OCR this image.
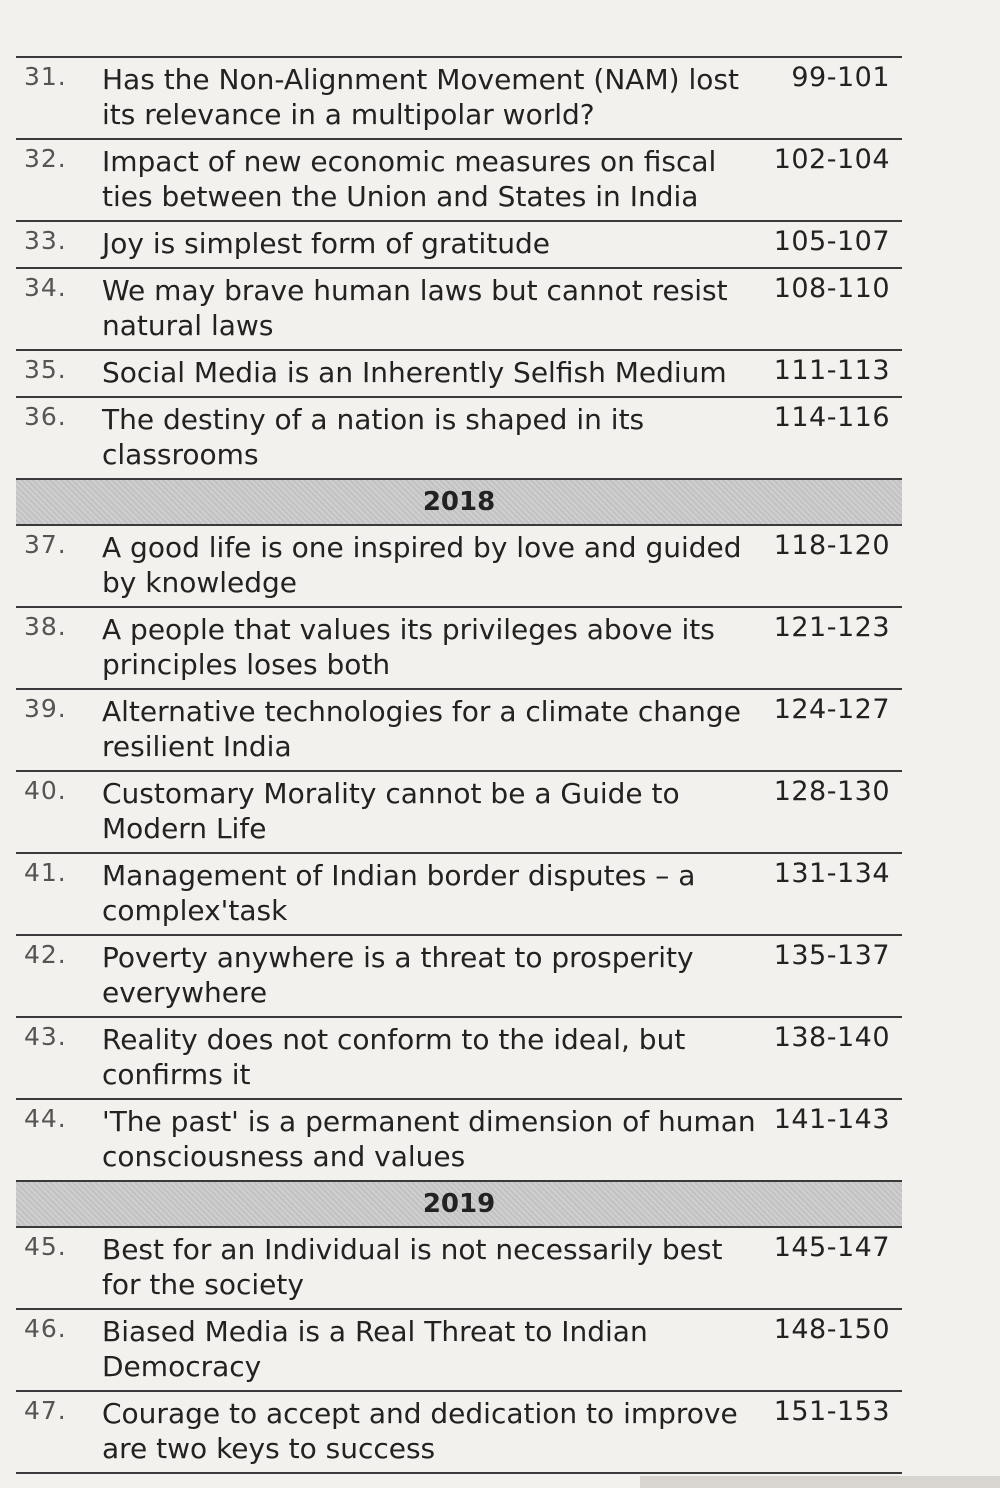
31. Has the Non-Alignment Movement (NAM) lost its relevance in a multipolar world?
99-101
32. Impact of new economic measures on fiscal ties between the Union and States in India
102-104
33. Joy is simplest form of gratitude	105-107
34. We may brave human laws but cannot resist natural laws
108-110
35. Social Media is an Inherently Selfish Medium	111-113
36. The destiny of a nation is shaped in its classrooms
114-116
2018
37. A good life is one inspired by love and guided by knowledge
118-120
38. A people that values its privileges above its principles loses both
121-123
39. Alternative technologies for a climate change resilient India
124-127
40. Customary Morality cannot be a Guide to Modern Life
128-130
41. Management of Indian border disputes – a complex'task
131-134
42. Poverty anywhere is a threat to prosperity everywhere
135-137
43. Reality does not conform to the ideal, but confirms it
138-140
44. 'The past' is a permanent dimension of human consciousness and values
141-143
2019
45. Best for an Individual is not necessarily best for the society
145-147
46. Biased Media is a Real Threat to Indian Democracy
148-150
47. Courage to accept and dedication to improve are two keys to success
151-153
